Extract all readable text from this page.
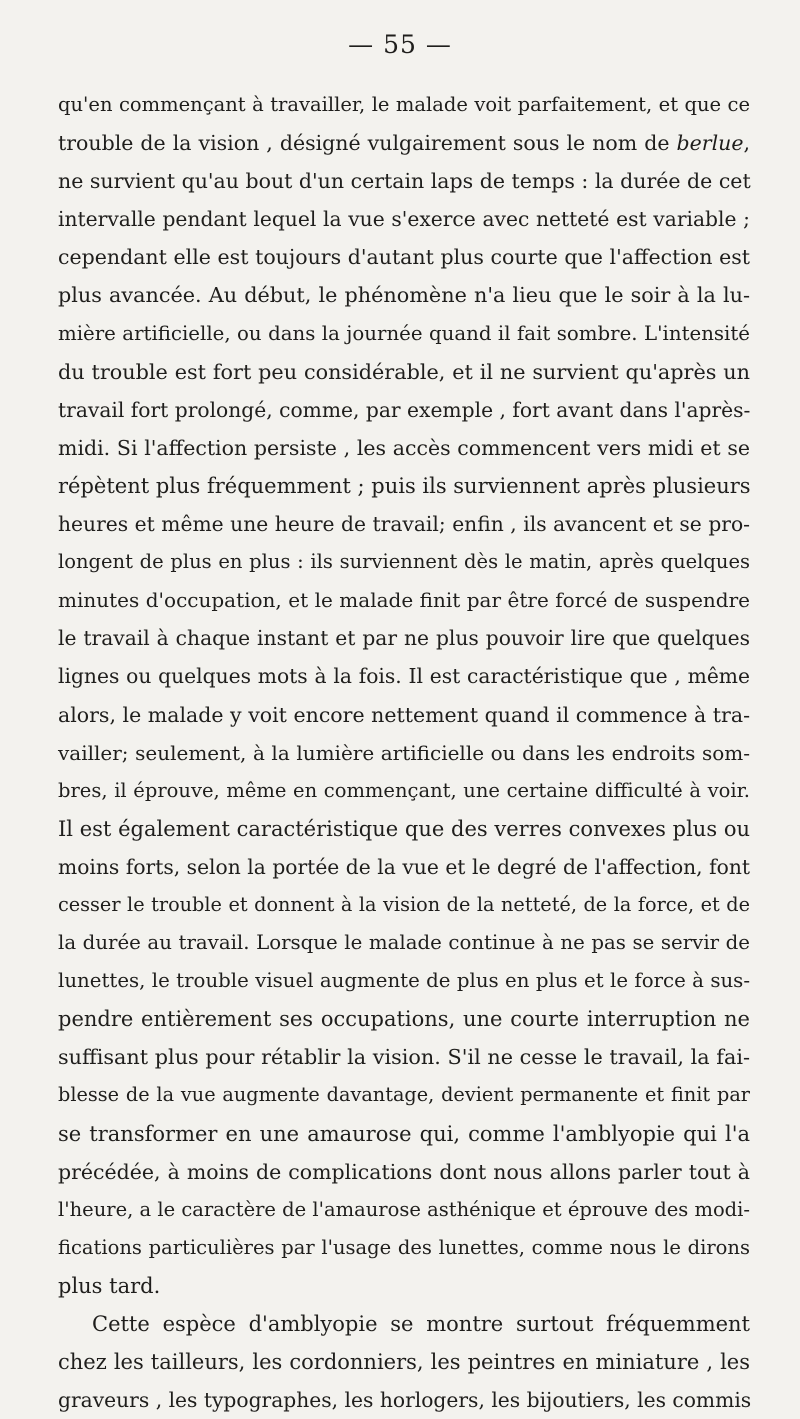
— 55 —
qu'en commençant à travailler, le malade voit parfaitement, et que ce
trouble de la vision , désigné vulgairement sous le nom de berlue,
ne survient qu'au bout d'un certain laps de temps : la durée de cet
intervalle pendant lequel la vue s'exerce avec netteté est variable ;
cependant elle est toujours d'autant plus courte que l'affection est
plus avancée. Au début, le phénomène n'a lieu que le soir à la lu-
mière artificielle, ou dans la journée quand il fait sombre. L'intensité
du trouble est fort peu considérable, et il ne survient qu'après un
travail fort prolongé, comme, par exemple , fort avant dans l'après-
midi. Si l'affection persiste , les accès commencent vers midi et se
répètent plus fréquemment ; puis ils surviennent après plusieurs
heures et même une heure de travail; enfin , ils avancent et se pro-
longent de plus en plus : ils surviennent dès le matin, après quelques
minutes d'occupation, et le malade finit par être forcé de suspendre
le travail à chaque instant et par ne plus pouvoir lire que quelques
lignes ou quelques mots à la fois. Il est caractéristique que , même
alors, le malade y voit encore nettement quand il commence à tra-
vailler; seulement, à la lumière artificielle ou dans les endroits som-
bres, il éprouve, même en commençant, une certaine difficulté à voir.
Il est également caractéristique que des verres convexes plus ou
moins forts, selon la portée de la vue et le degré de l'affection, font
cesser le trouble et donnent à la vision de la netteté, de la force, et de
la durée au travail. Lorsque le malade continue à ne pas se servir de
lunettes, le trouble visuel augmente de plus en plus et le force à sus-
pendre entièrement ses occupations, une courte interruption ne
suffisant plus pour rétablir la vision. S'il ne cesse le travail, la fai-
blesse de la vue augmente davantage, devient permanente et finit par
se transformer en une amaurose qui, comme l'amblyopie qui l'a
précédée, à moins de complications dont nous allons parler tout à
l'heure, a le caractère de l'amaurose asthénique et éprouve des modi-
fications particulières par l'usage des lunettes, comme nous le dirons
plus tard.
Cette espèce d'amblyopie se montre surtout fréquemment
chez les tailleurs, les cordonniers, les peintres en miniature , les
graveurs , les typographes, les horlogers, les bijoutiers, les commis
